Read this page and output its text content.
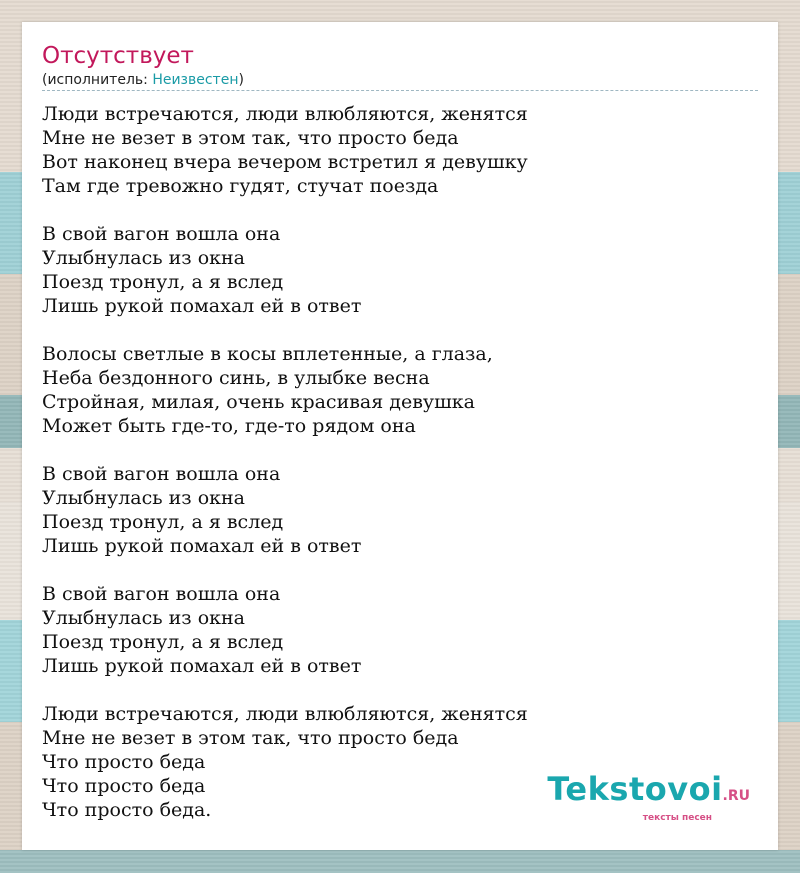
Отсутствует
(исполнитель: Неизвестен)
Люди встречаются, люди влюбляются, женятся
Мне не везет в этом так, что просто беда
Вот наконец вчера вечером встретил я девушку
Там где тревожно гудят, стучат поезда
В свой вагон вошла она
Улыбнулась из окна
Поезд тронул, а я вслед
Лишь рукой помахал ей в ответ
Волосы светлые в косы вплетенные, а глаза,
Неба бездонного синь, в улыбке весна
Стройная, милая, очень красивая девушка
Может быть где-то, где-то рядом она
В свой вагон вошла она
Улыбнулась из окна
Поезд тронул, а я вслед
Лишь рукой помахал ей в ответ
В свой вагон вошла она
Улыбнулась из окна
Поезд тронул, а я вслед
Лишь рукой помахал ей в ответ
Люди встречаются, люди влюбляются, женятся
Мне не везет в этом так, что просто беда
Что просто беда
Что просто беда
Что просто беда.
Tekstovoi.RU
тексты песен
